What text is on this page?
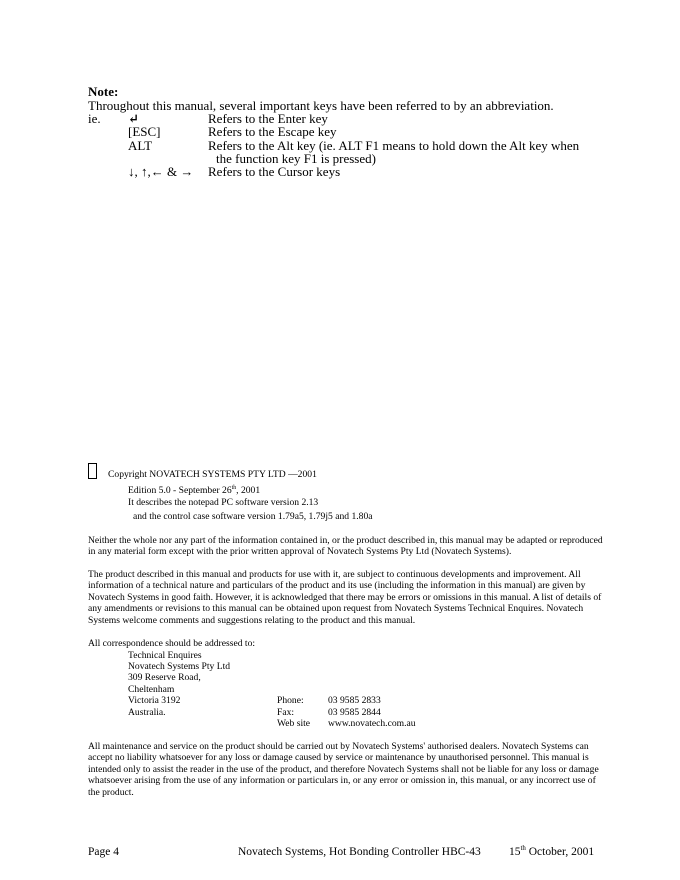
Note:
Throughout this manual, several important keys have been referred to by an abbreviation.
ie. ↵	Refers to the Enter key
[ESC]	Refers to the Escape key
ALT	Refers to the Alt key (ie. ALT F1 means to hold down the Alt key when
the function key F1 is pressed)
↓, ↑,← & → Refers to the Cursor keys
Copyright NOVATECH SYSTEMS PTY LTD —2001
Edition 5.0 - September 26th, 2001
It describes the notepad PC software version 2.13
and the control case software version 1.79a5, 1.79j5 and 1.80a
Neither the whole nor any part of the information contained in, or the product described in, this manual may be adapted or reproduced in any material form except with the prior written approval of Novatech Systems Pty Ltd (Novatech Systems).
The product described in this manual and products for use with it, are subject to continuous developments and improvement. All information of a technical nature and particulars of the product and its use (including the information in this manual) are given by Novatech Systems in good faith. However, it is acknowledged that there may be errors or omissions in this manual. A list of details of any amendments or revisions to this manual can be obtained upon request from Novatech Systems Technical Enquires. Novatech Systems welcome comments and suggestions relating to the product and this manual.
All correspondence should be addressed to:
Technical Enquires
Novatech Systems Pty Ltd
309 Reserve Road,
Cheltenham
Victoria 3192
Australia.
Phone:	03 9585 2833
Fax:	03 9585 2844
Web site www.novatech.com.au
All maintenance and service on the product should be carried out by Novatech Systems' authorised dealers. Novatech Systems can accept no liability whatsoever for any loss or damage caused by service or maintenance by unauthorised personnel. This manual is intended only to assist the reader in the use of the product, and therefore Novatech Systems shall not be liable for any loss or damage whatsoever arising from the use of any information or particulars in, or any error or omission in, this manual, or any incorrect use of the product.
Page 4	Novatech Systems, Hot Bonding Controller HBC-43 15th October, 2001
